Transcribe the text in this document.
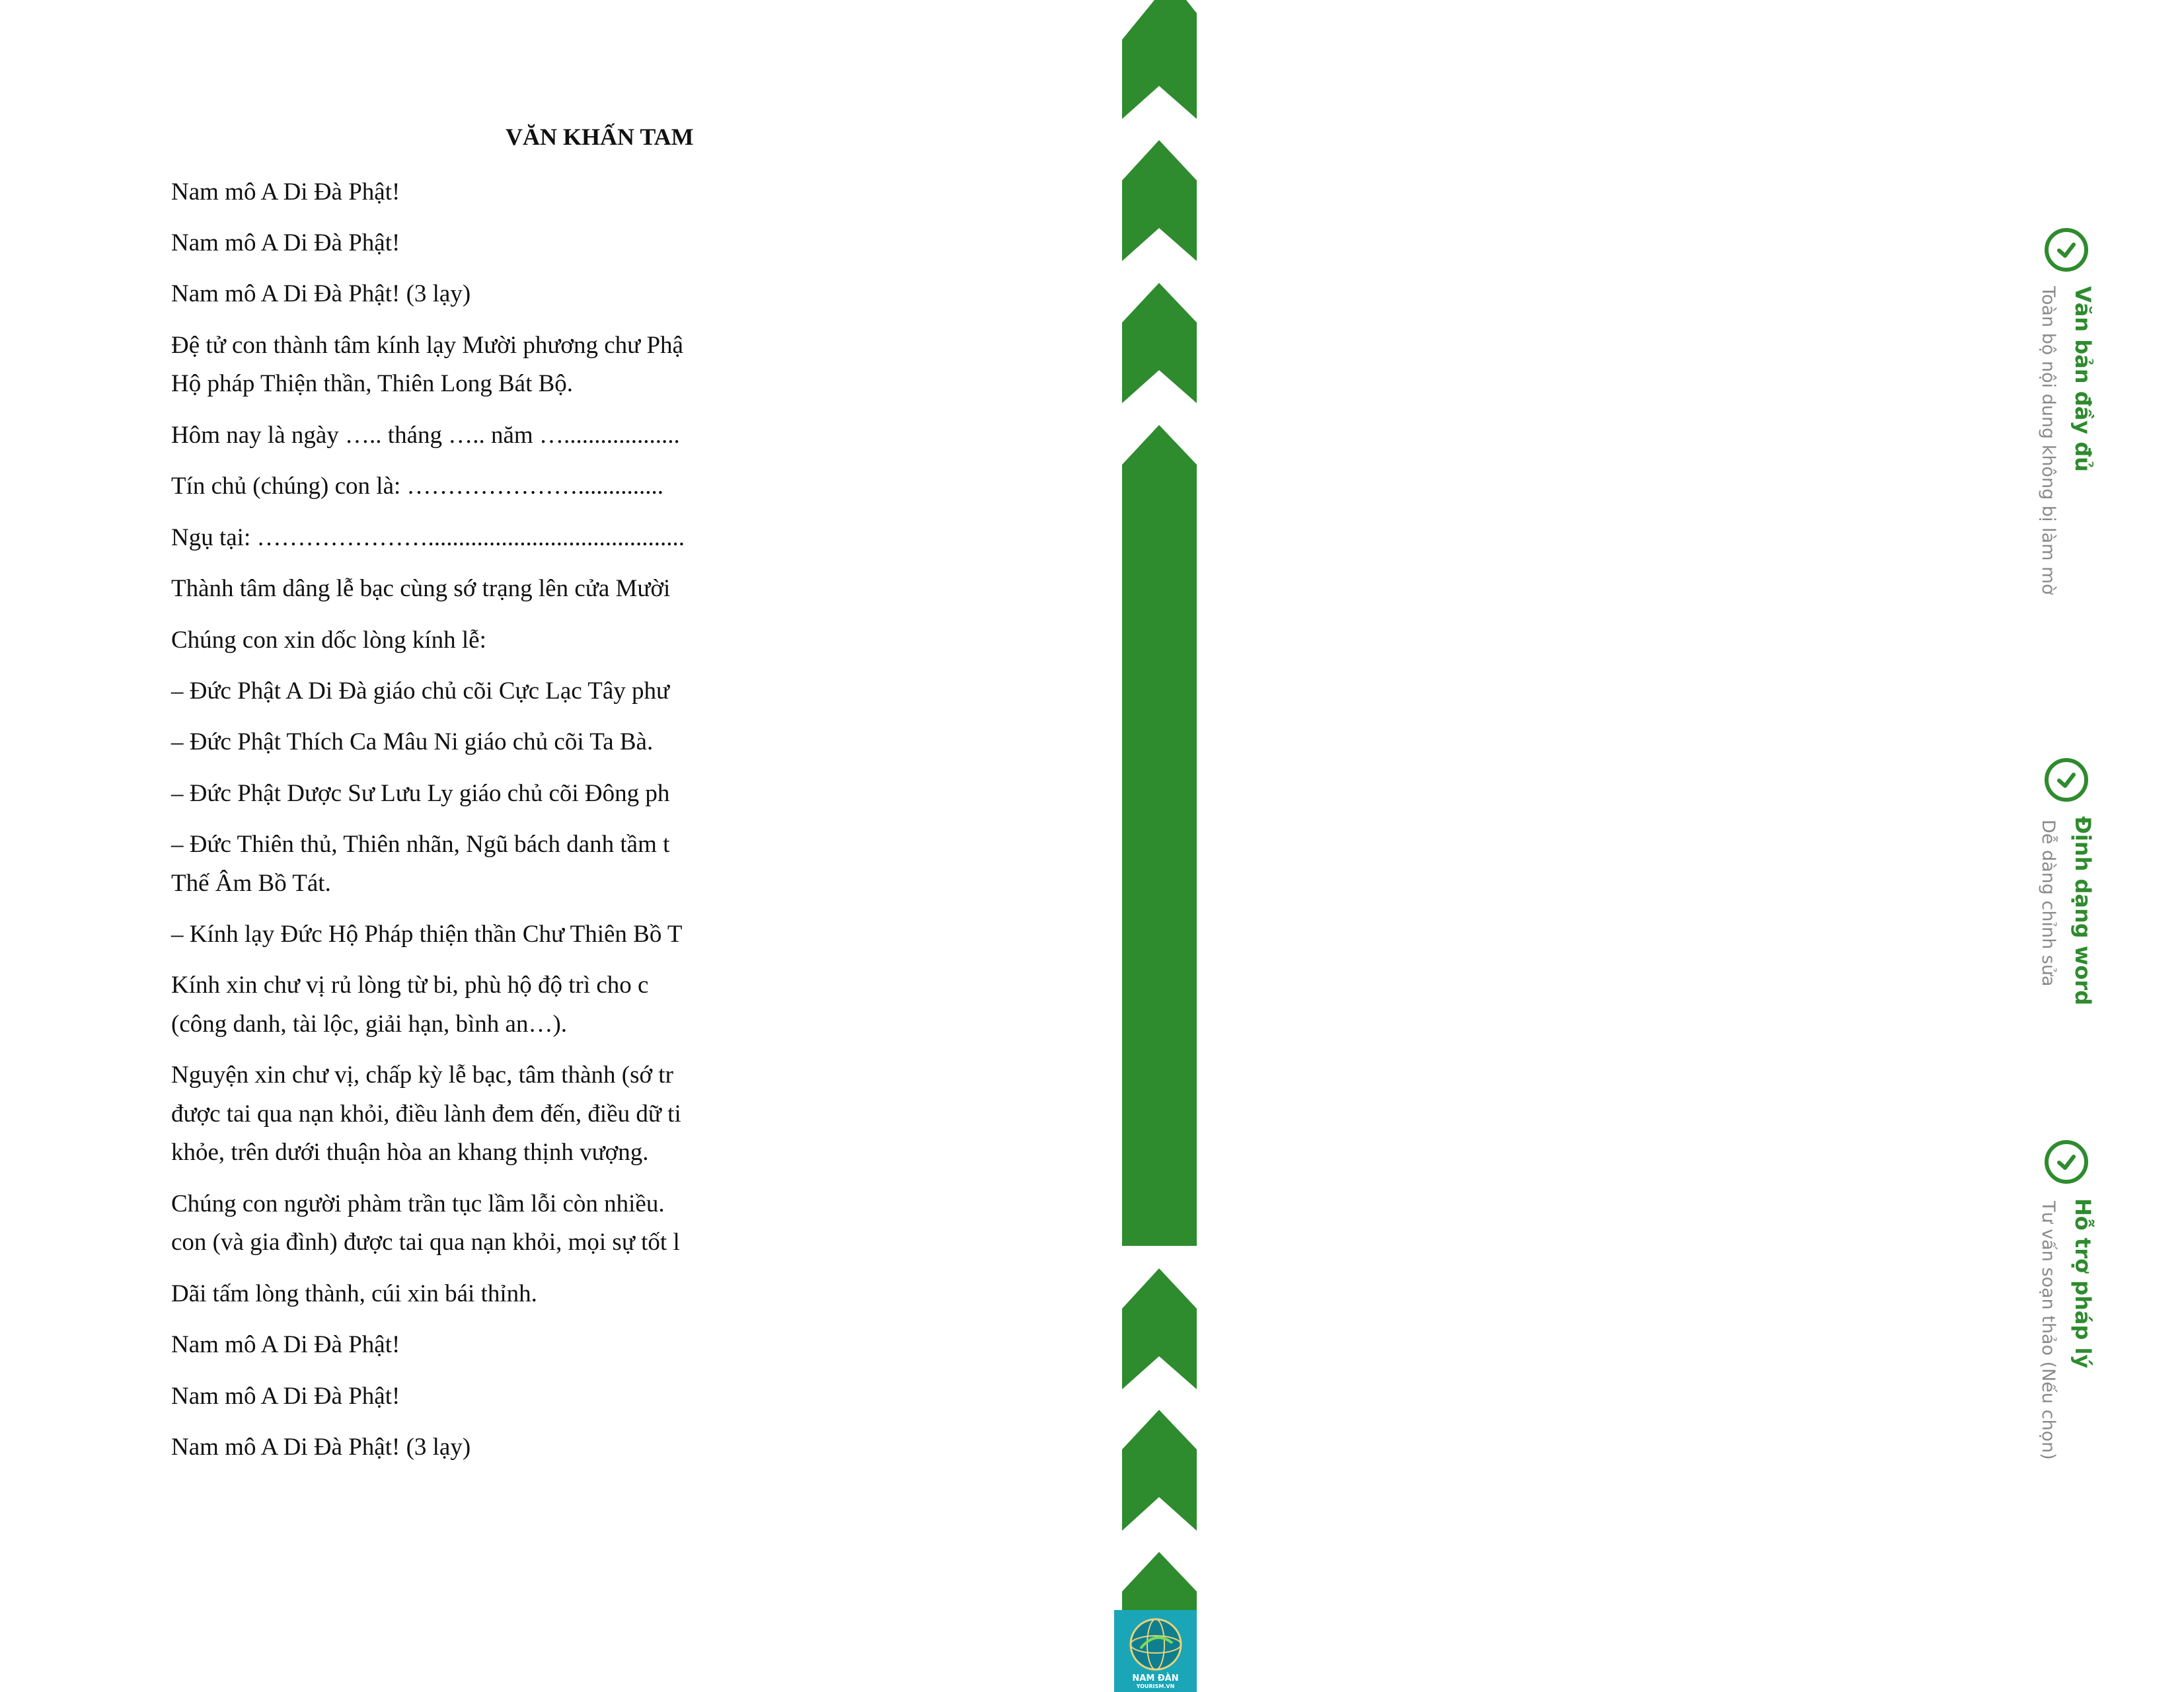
VĂN KHẤN TAM
Nam mô A Di Đà Phật!
Nam mô A Di Đà Phật!
Nam mô A Di Đà Phật! (3 lạy)
Đệ tử con thành tâm kính lạy Mười phương chư Phậ
Hộ pháp Thiện thần, Thiên Long Bát Bộ.
Hôm nay là ngày ….. tháng ….. năm …...................
Tín chủ (chúng) con là: …………………..............
Ngụ tại: …………………..........................................
Thành tâm dâng lễ bạc cùng sớ trạng lên cửa Mười
Chúng con xin dốc lòng kính lễ:
– Đức Phật A Di Đà giáo chủ cõi Cực Lạc Tây phư
– Đức Phật Thích Ca Mâu Ni giáo chủ cõi Ta Bà.
– Đức Phật Dược Sư Lưu Ly giáo chủ cõi Đông ph
– Đức Thiên thủ, Thiên nhãn, Ngũ bách danh tầm t
Thế Âm Bồ Tát.
– Kính lạy Đức Hộ Pháp thiện thần Chư Thiên Bồ T
Kính xin chư vị rủ lòng từ bi, phù hộ độ trì cho c
(công danh, tài lộc, giải hạn, bình an…).
Nguyện xin chư vị, chấp kỳ lễ bạc, tâm thành (sớ tr
được tai qua nạn khỏi, điều lành đem đến, điều dữ ti
khỏe, trên dưới thuận hòa an khang thịnh vượng.
Chúng con người phàm trần tục lầm lỗi còn nhiều.
con (và gia đình) được tai qua nạn khỏi, mọi sự tốt l
Dãi tấm lòng thành, cúi xin bái thỉnh.
Nam mô A Di Đà Phật!
Nam mô A Di Đà Phật!
Nam mô A Di Đà Phật! (3 lạy)
Tải xuống và nhận ngay
Văn bản đầy đủ
Toàn bộ nội dung không bị làm mờ
Định dạng word
Dễ dàng chỉnh sửa
Hỗ trợ pháp lý
Tư vấn soạn thảo (Nếu chọn)
NAM ĐÀN
YOURISM.VN
